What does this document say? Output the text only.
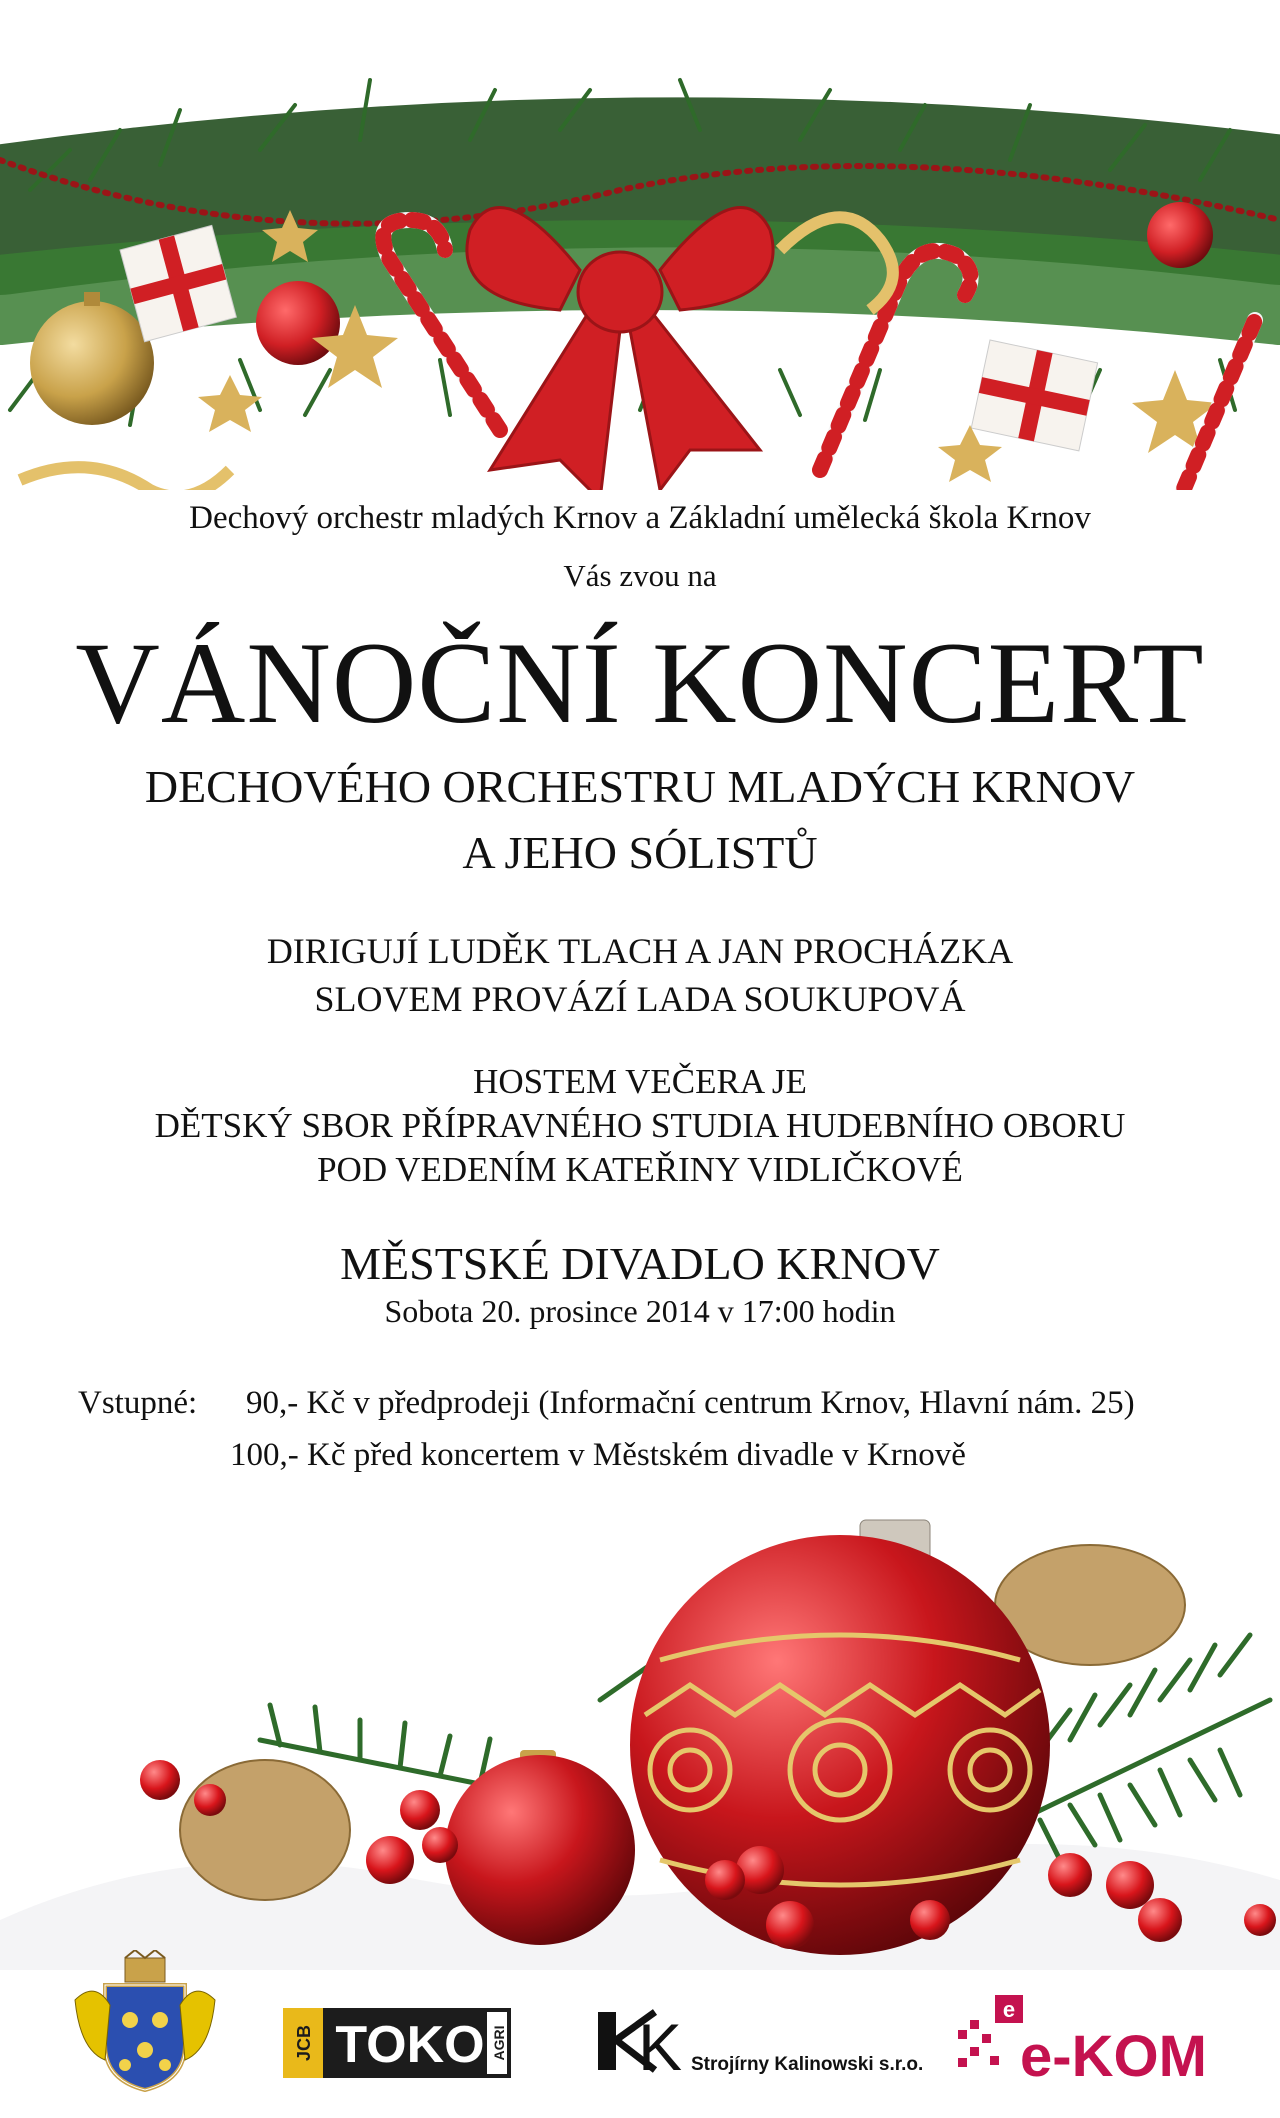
Dechový orchestr mladých Krnov a Základní umělecká škola Krnov
Vás zvou na
VÁNOČNÍ KONCERT
DECHOVÉHO ORCHESTRU MLADÝCH KRNOV
A JEHO SÓLISTŮ
DIRIGUJÍ LUDĚK TLACH A JAN PROCHÁZKA
SLOVEM PROVÁZÍ LADA SOUKUPOVÁ
HOSTEM VEČERA JE
DĚTSKÝ SBOR PŘÍPRAVNÉHO STUDIA HUDEBNÍHO OBORU
POD VEDENÍM KATEŘINY VIDLIČKOVÉ
MĚSTSKÉ DIVADLO KRNOV
Sobota 20. prosince 2014 v 17:00 hodin
Vstupné: 90,- Kč v předprodeji (Informační centrum Krnov, Hlavní nám. 25)
100,- Kč před koncertem v Městském divadle v Krnově
JCB TOKO AGRI K Strojírny Kalinowski s.r.o.
e
e-KOM
